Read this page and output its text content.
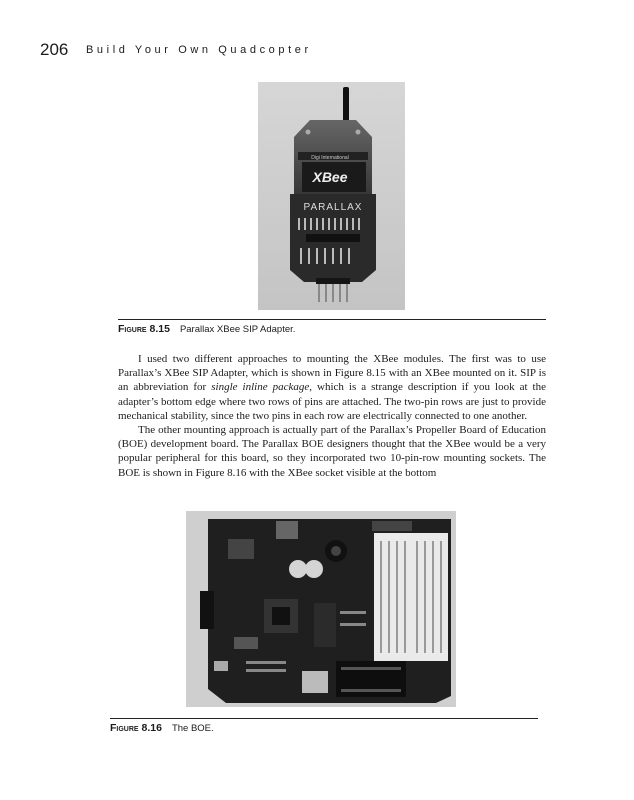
206 Build Your Own Quadcopter
XBee
Digi International
PARALLAX
Figure 8.15 Parallax XBee SIP Adapter.

I used two different approaches to mounting the XBee modules. The first was to use Parallax’s XBee SIP Adapter, which is shown in Figure 8.15 with an XBee mounted on it. SIP is an abbreviation for single inline package, which is a strange description if you look at the adapter’s bottom edge where two rows of pins are attached. The two-pin rows are just to provide mechanical stability, since the two pins in each row are electrically connected to one another.

The other mounting approach is actually part of the Parallax’s Propeller Board of Education (BOE) development board. The Parallax BOE designers thought that the XBee would be a very popular peripheral for this board, so they incorporated two 10-pin-row mounting sockets. The BOE is shown in Figure 8.16 with the XBee socket visible at the bottom

Figure 8.16 The BOE.
